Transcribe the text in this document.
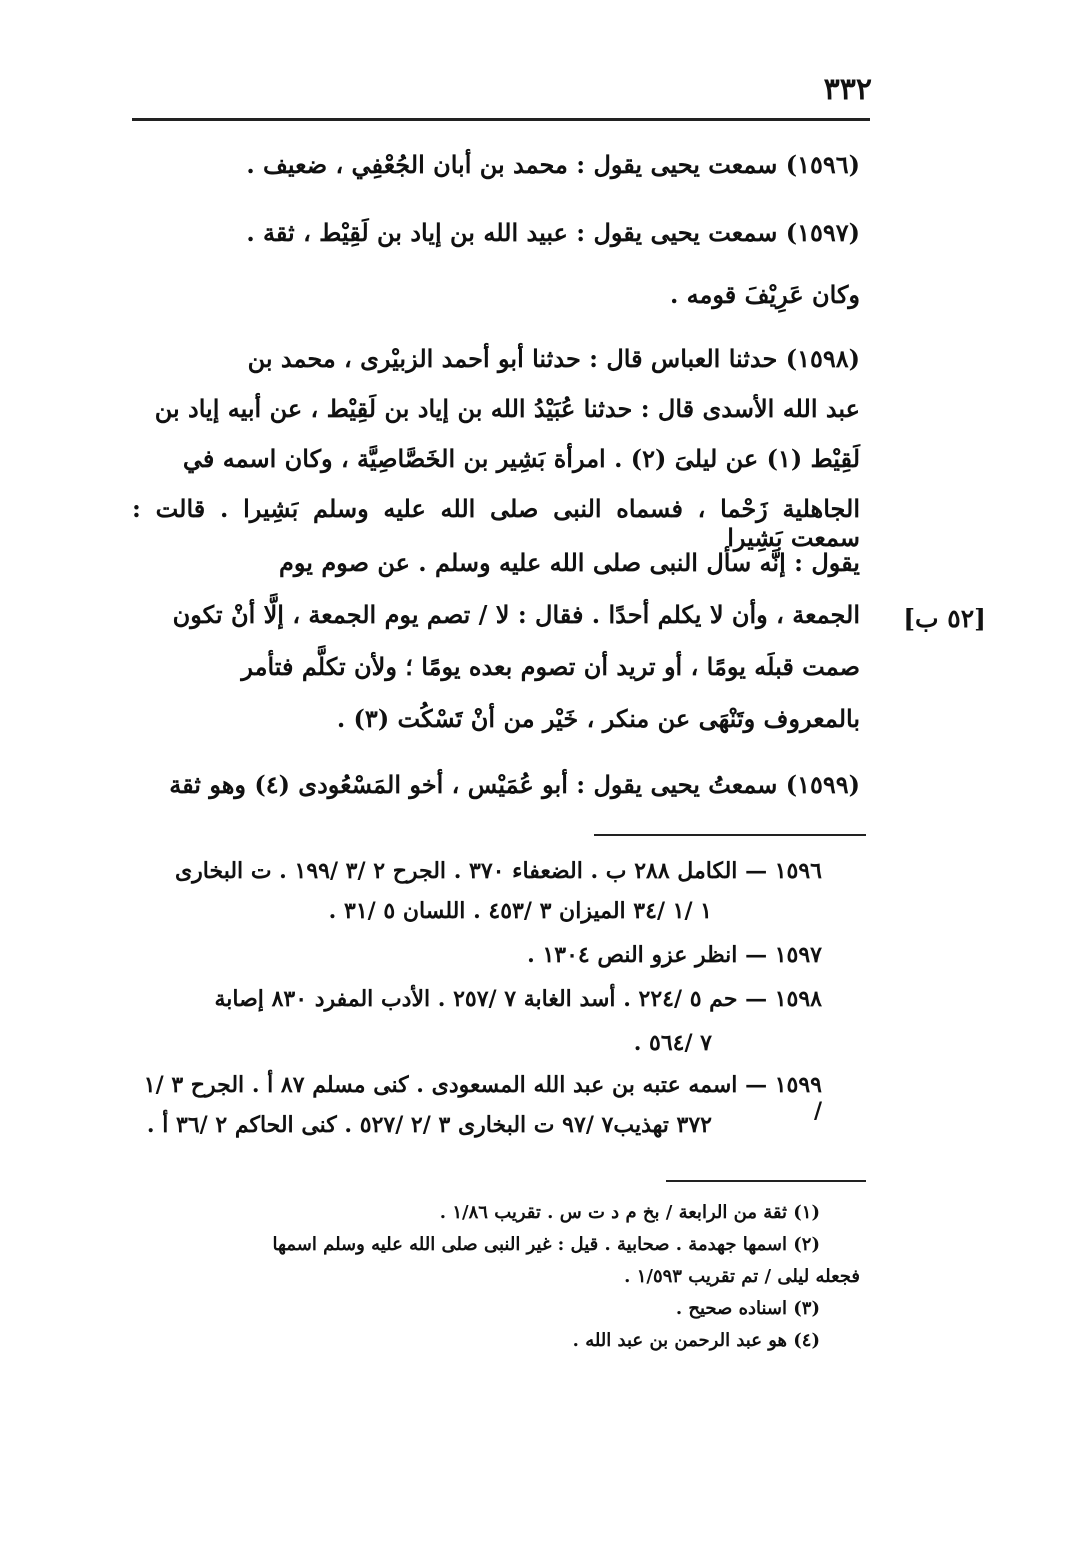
٣٣٢
(١٥٩٦) سمعت يحيى يقول : محمد بن أبان الجُعْفِي ، ضعيف .
(١٥٩٧) سمعت يحيى يقول : عبيد الله بن إياد بن لَقِيْط ، ثقة .
وكان عَرِيْفَ قومه .
(١٥٩٨) حدثنا العباس قال : حدثنا أبو أحمد الزبيْرى ، محمد بن
عبد الله الأسدى قال : حدثنا عُبَيْدُ الله بن إياد بن لَقِيْط ، عن أبيه إياد بن
لَقِيْط (١) عن ليلىَ (٢) . امرأة بَشِير بن الخَصَّاصِيَّة ، وكان اسمه في
الجاهلية زَحْما ، فسماه النبى صلى الله عليه وسلم بَشِيرا . قالت : سمعت بَشِيرا
يقول : إنَّه سأل النبى صلى الله عليه وسلم . عن صوم يوم
الجمعة ، وأن لا يكلم أحدًا . فقال : لا / تصم يوم الجمعة ، إلَّا أنْ تكون
صمت قبلَه يومًا ، أو تريد أن تصوم بعده يومًا ؛ ولأن تكلَّم فتأمر
بالمعروف وتَنْهَى عن منكر ، خَيْر من أنْ تَسْكُت (٣) .
[٥٢ ب]
(١٥٩٩) سمعتُ يحيى يقول : أبو عُمَيْس ، أخو المَسْعُودى (٤) وهو ثقة
١٥٩٦ — الكامل ٢٨٨ ب . الضعفاء ٣٧٠ . الجرح ٢ /٣ /١٩٩ . ت البخارى
١ /١ /٣٤ الميزان ٣ /٤٥٣ . اللسان ٥ /٣١ .
١٥٩٧ — انظر عزو النص ١٣٠٤ .
١٥٩٨ — حم ٥ /٢٢٤ . أسد الغابة ٧ /٢٥٧ . الأدب المفرد ٨٣٠ إصابة
٧ /٥٦٤ .
١٥٩٩ — اسمه عتبه بن عبد الله المسعودى . كنى مسلم ٨٧ أ . الجرح ٣ /١ /
٣٧٢ تهذيب٧ /٩٧ ت البخارى ٣ /٢ /٥٢٧ . كنى الحاكم ٢ /٣٦ أ .
(١) ثقة من الرابعة / بخ م د ت س . تقريب ١/٨٦ .
(٢) اسمها جهدمة . صحابية . قيل : غير النبى صلى الله عليه وسلم اسمها
فجعله ليلى / تم تقريب ١/٥٩٣ .
(٣) اسناده صحيح .
(٤) هو عبد الرحمن بن عبد الله .
